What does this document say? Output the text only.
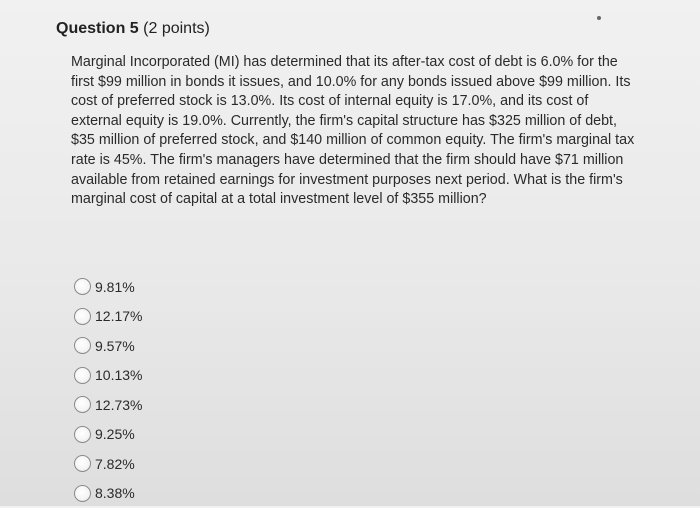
Question 5 (2 points)
Marginal Incorporated (MI) has determined that its after-tax cost of debt is 6.0% for the first $99 million in bonds it issues, and 10.0% for any bonds issued above $99 million. Its cost of preferred stock is 13.0%. Its cost of internal equity is 17.0%, and its cost of external equity is 19.0%. Currently, the firm's capital structure has $325 million of debt, $35 million of preferred stock, and $140 million of common equity. The firm's marginal tax rate is 45%. The firm's managers have determined that the firm should have $71 million available from retained earnings for investment purposes next period. What is the firm's marginal cost of capital at a total investment level of $355 million?
9.81%
12.17%
9.57%
10.13%
12.73%
9.25%
7.82%
8.38%
